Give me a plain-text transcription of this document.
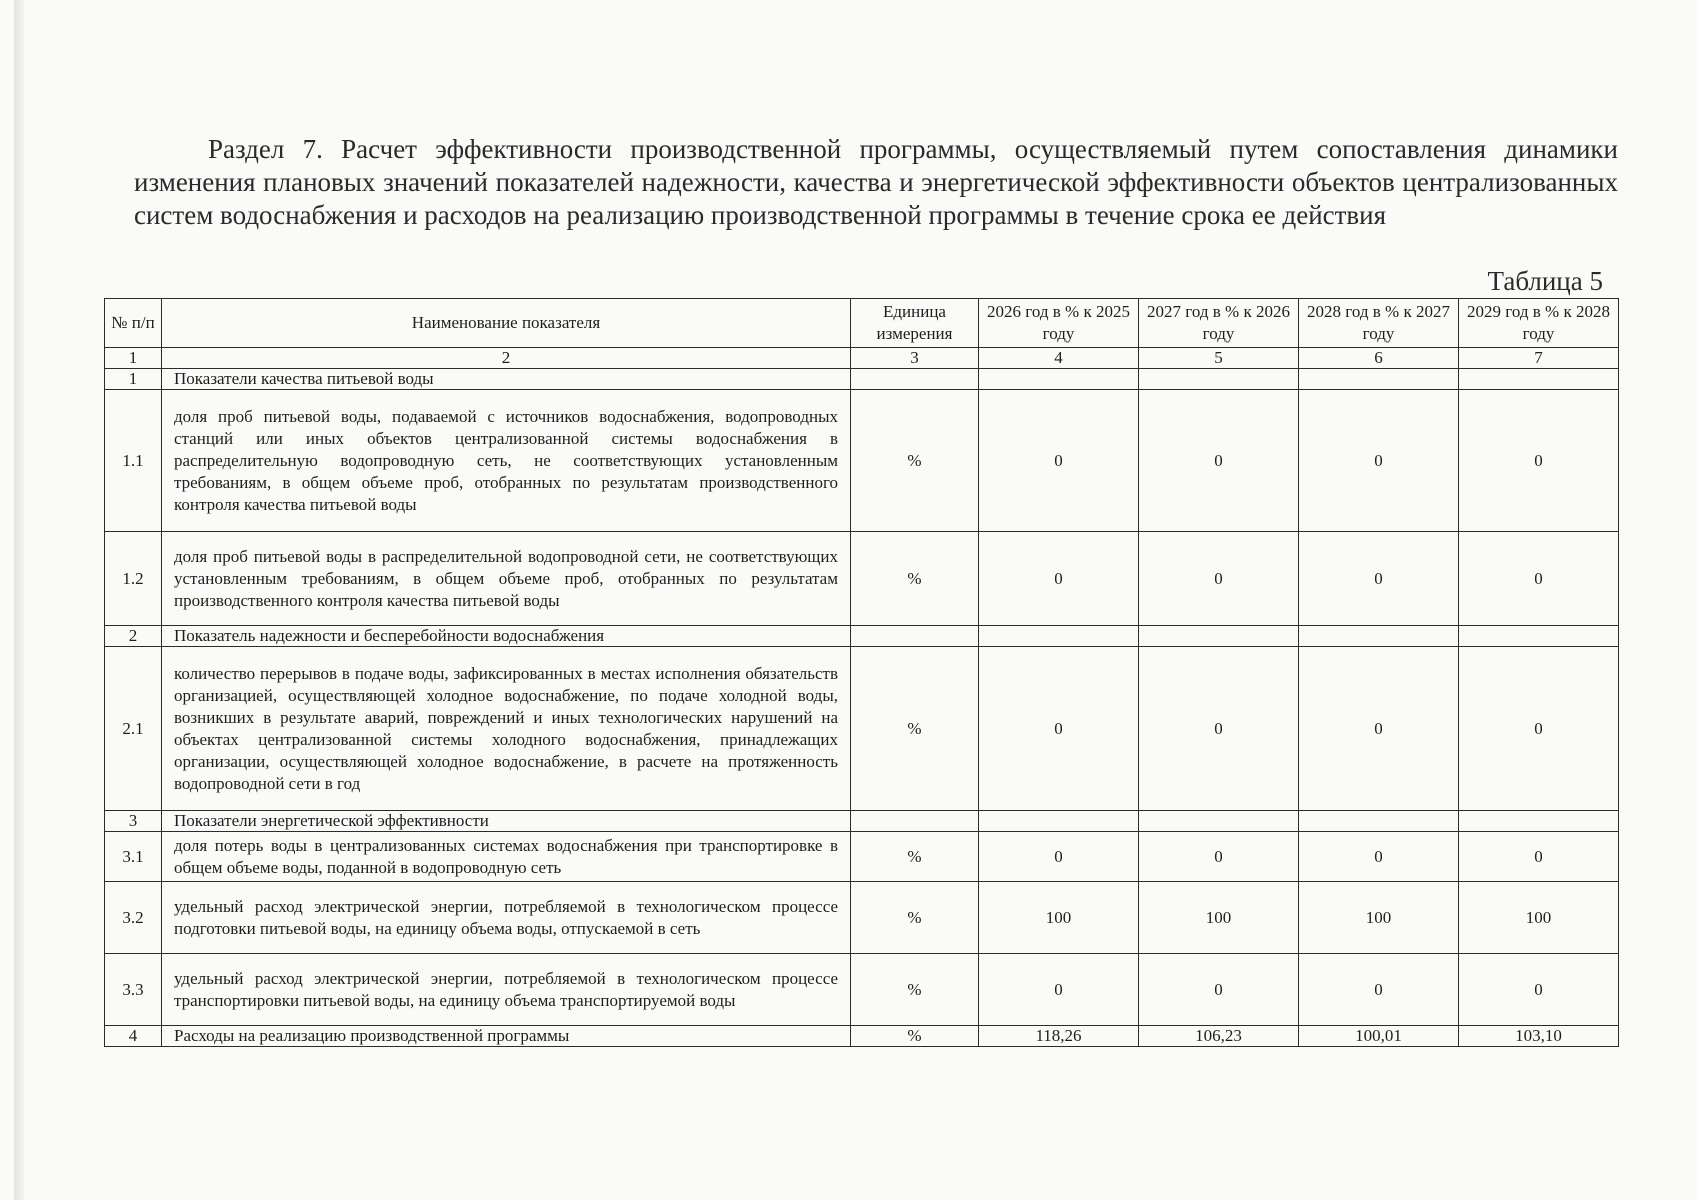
Раздел 7. Расчет эффективности производственной программы, осуществляемый путем сопоставления динамики изменения плановых значений показателей надежности, качества и энергетической эффективности объектов централизованных систем водоснабжения и расходов на реализацию производственной программы в течение срока ее действия
Таблица 5
№ п/п	Наименование показателя	Единица измерения	2026 год в % к 2025 году	2027 год в % к 2026 году	2028 год в % к 2027 году	2029 год в % к 2028 году
1	2	3	4	5	6	7
1	Показатели качества питьевой воды					
1.1	доля проб питьевой воды, подаваемой с источников водоснабжения, водопроводных станций или иных объектов централизованной системы водоснабжения в распределительную водопроводную сеть, не соответствующих установленным требованиям, в общем объеме проб, отобранных по результатам производственного контроля качества питьевой воды	%	0	0	0	0
1.2	доля проб питьевой воды в распределительной водопроводной сети, не соответствующих установленным требованиям, в общем объеме проб, отобранных по результатам производственного контроля качества питьевой воды	%	0	0	0	0
2	Показатель надежности и бесперебойности водоснабжения					
2.1	количество перерывов в подаче воды, зафиксированных в местах исполнения обязательств организацией, осуществляющей холодное водоснабжение, по подаче холодной воды, возникших в результате аварий, повреждений и иных технологических нарушений на объектах централизованной системы холодного водоснабжения, принадлежащих организации, осуществляющей холодное водоснабжение, в расчете на протяженность водопроводной сети в год	%	0	0	0	0
3	Показатели энергетической эффективности					
3.1	доля потерь воды в централизованных системах водоснабжения при транспортировке в общем объеме воды, поданной в водопроводную сеть	%	0	0	0	0
3.2	удельный расход электрической энергии, потребляемой в технологическом процессе подготовки питьевой воды, на единицу объема воды, отпускаемой в сеть	%	100	100	100	100
3.3	удельный расход электрической энергии, потребляемой в технологическом процессе транспортировки питьевой воды, на единицу объема транспортируемой воды	%	0	0	0	0
4	Расходы на реализацию производственной программы	%	118,26	106,23	100,01	103,10
